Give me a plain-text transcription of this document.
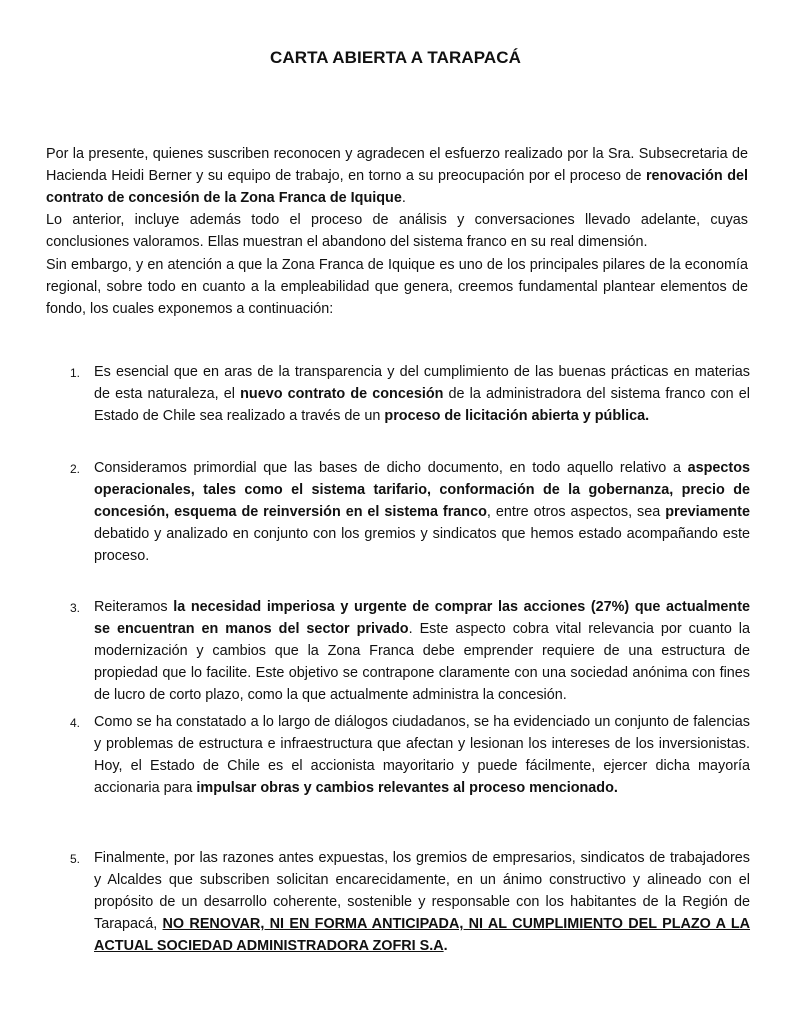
CARTA ABIERTA A TARAPACÁ

Por la presente, quienes suscriben reconocen y agradecen el esfuerzo realizado por la Sra. Subsecretaria de Hacienda Heidi Berner y su equipo de trabajo, en torno a su preocupación por el proceso de renovación del contrato de concesión de la Zona Franca de Iquique.

Lo anterior, incluye además todo el proceso de análisis y conversaciones llevado adelante, cuyas conclusiones valoramos. Ellas muestran el abandono del sistema franco en su real dimensión.

Sin embargo, y en atención a que la Zona Franca de Iquique es uno de los principales pilares de la economía regional, sobre todo en cuanto a la empleabilidad que genera, creemos fundamental plantear elementos de fondo, los cuales exponemos a continuación:

1. Es esencial que en aras de la transparencia y del cumplimiento de las buenas prácticas en materias de esta naturaleza, el nuevo contrato de concesión de la administradora del sistema franco con el Estado de Chile sea realizado a través de un proceso de licitación abierta y pública.

2. Consideramos primordial que las bases de dicho documento, en todo aquello relativo a aspectos operacionales, tales como el sistema tarifario, conformación de la gobernanza, precio de concesión, esquema de reinversión en el sistema franco, entre otros aspectos, sea previamente debatido y analizado en conjunto con los gremios y sindicatos que hemos estado acompañando este proceso.

3. Reiteramos la necesidad imperiosa y urgente de comprar las acciones (27%) que actualmente se encuentran en manos del sector privado. Este aspecto cobra vital relevancia por cuanto la modernización y cambios que la Zona Franca debe emprender requiere de una estructura de propiedad que lo facilite. Este objetivo se contrapone claramente con una sociedad anónima con fines de lucro de corto plazo, como la que actualmente administra la concesión.

4. Como se ha constatado a lo largo de diálogos ciudadanos, se ha evidenciado un conjunto de falencias y problemas de estructura e infraestructura que afectan y lesionan los intereses de los inversionistas. Hoy, el Estado de Chile es el accionista mayoritario y puede fácilmente, ejercer dicha mayoría accionaria para impulsar obras y cambios relevantes al proceso mencionado.

5. Finalmente, por las razones antes expuestas, los gremios de empresarios, sindicatos de trabajadores y Alcaldes que subscriben solicitan encarecidamente, en un ánimo constructivo y alineado con el propósito de un desarrollo coherente, sostenible y responsable con los habitantes de la Región de Tarapacá, NO RENOVAR, NI EN FORMA ANTICIPADA, NI AL CUMPLIMIENTO DEL PLAZO A LA ACTUAL SOCIEDAD ADMINISTRADORA ZOFRI S.A.
